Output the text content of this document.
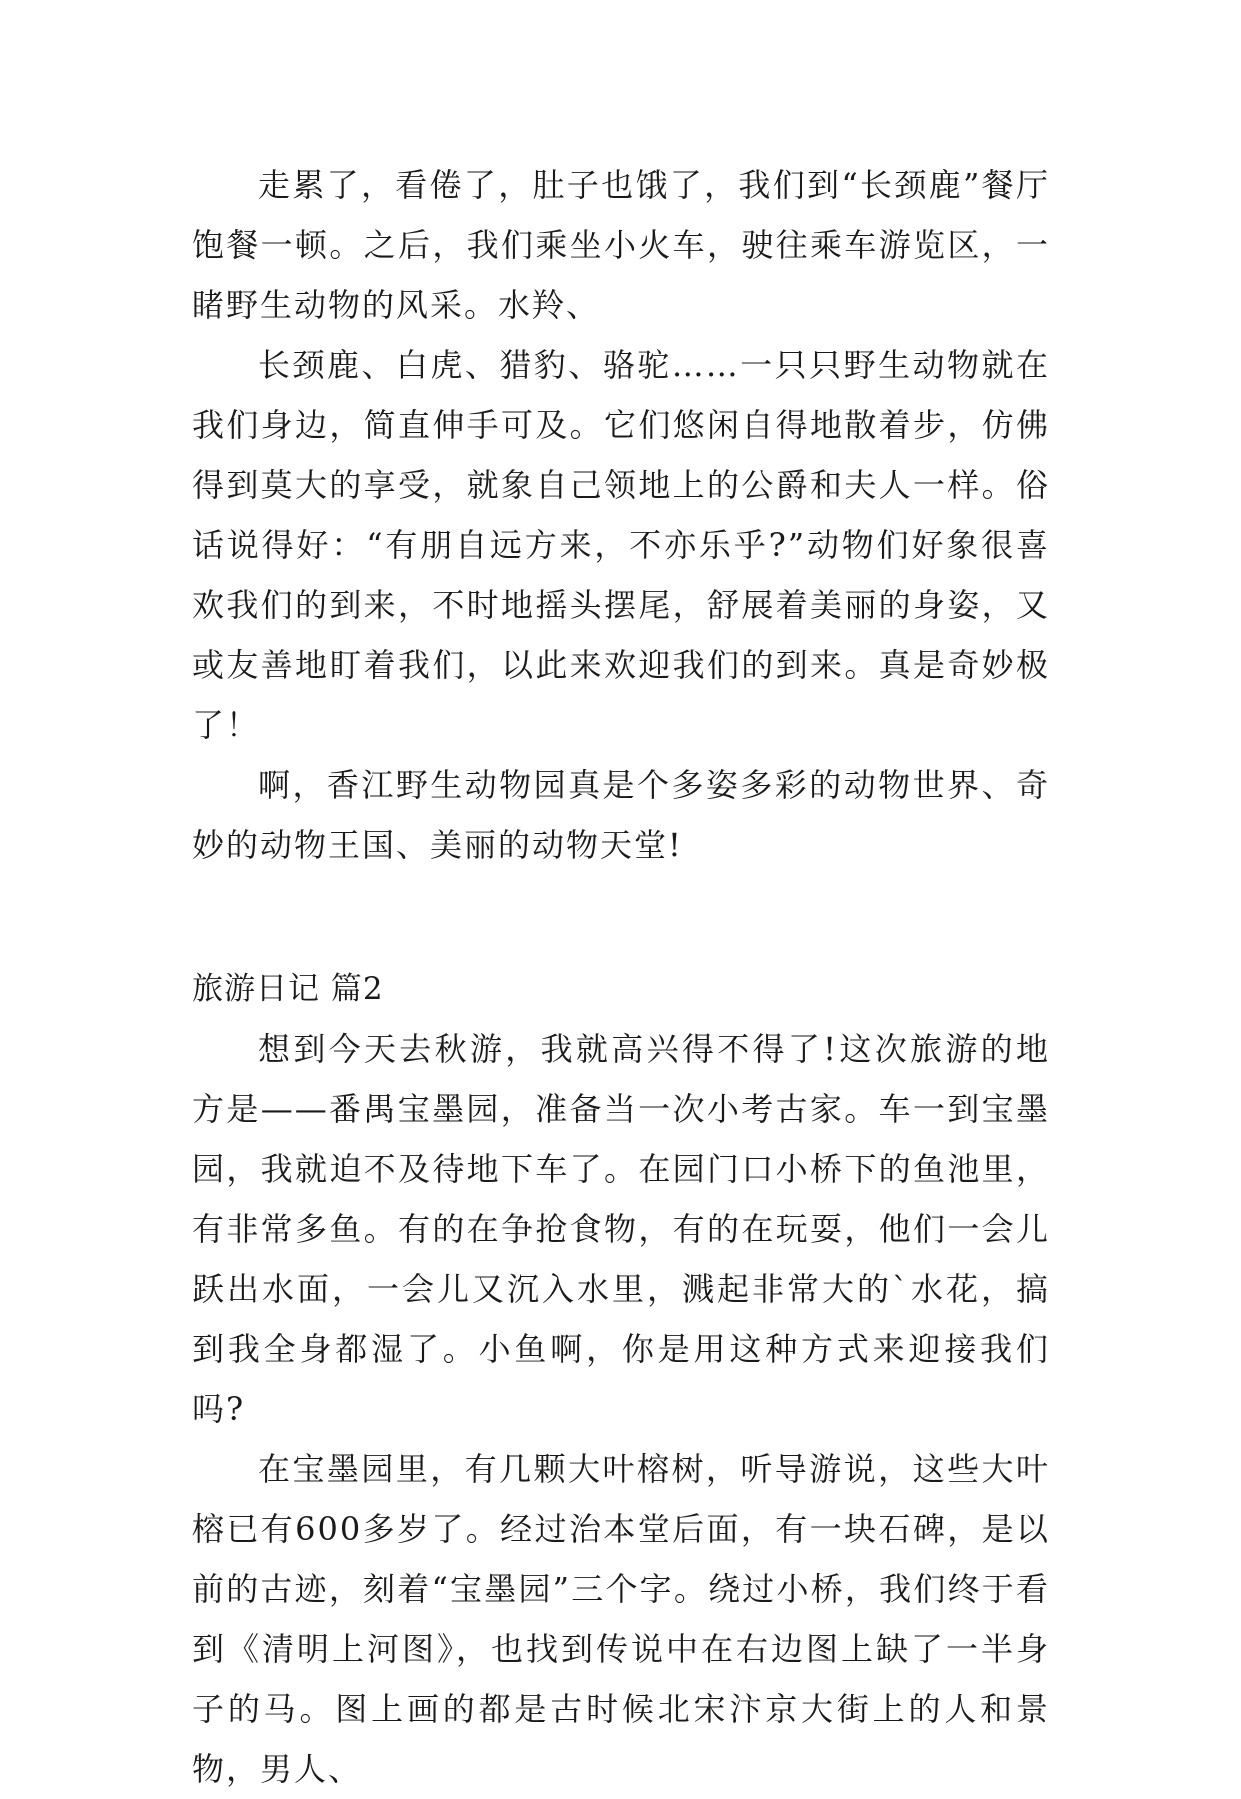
走累了，看倦了，肚子也饿了，我们到“长颈鹿”餐厅饱餐一顿。之后，我们乘坐小火车，驶往乘车游览区，一睹野生动物的风采。水羚、

长颈鹿、白虎、猎豹、骆驼……一只只野生动物就在我们身边，简直伸手可及。它们悠闲自得地散着步，仿佛得到莫大的享受，就象自己领地上的公爵和夫人一样。俗话说得好：“有朋自远方来，不亦乐乎?”动物们好象很喜欢我们的到来，不时地摇头摆尾，舒展着美丽的身姿，又或友善地盯着我们，以此来欢迎我们的到来。真是奇妙极了！

啊，香江野生动物园真是个多姿多彩的动物世界、奇妙的动物王国、美丽的动物天堂!

旅游日记 篇2

想到今天去秋游，我就高兴得不得了!这次旅游的地方是——番禺宝墨园，准备当一次小考古家。车一到宝墨园，我就迫不及待地下车了。在园门口小桥下的鱼池里，有非常多鱼。有的在争抢食物，有的在玩耍，他们一会儿跃出水面，一会儿又沉入水里，溅起非常大的`水花，搞到我全身都湿了。小鱼啊，你是用这种方式来迎接我们吗?

在宝墨园里，有几颗大叶榕树，听导游说，这些大叶榕已有600多岁了。经过治本堂后面，有一块石碑，是以前的古迹，刻着“宝墨园”三个字。绕过小桥，我们终于看到《清明上河图》，也找到传说中在右边图上缺了一半身子的马。图上画的都是古时候北宋汴京大街上的人和景物，男人、
